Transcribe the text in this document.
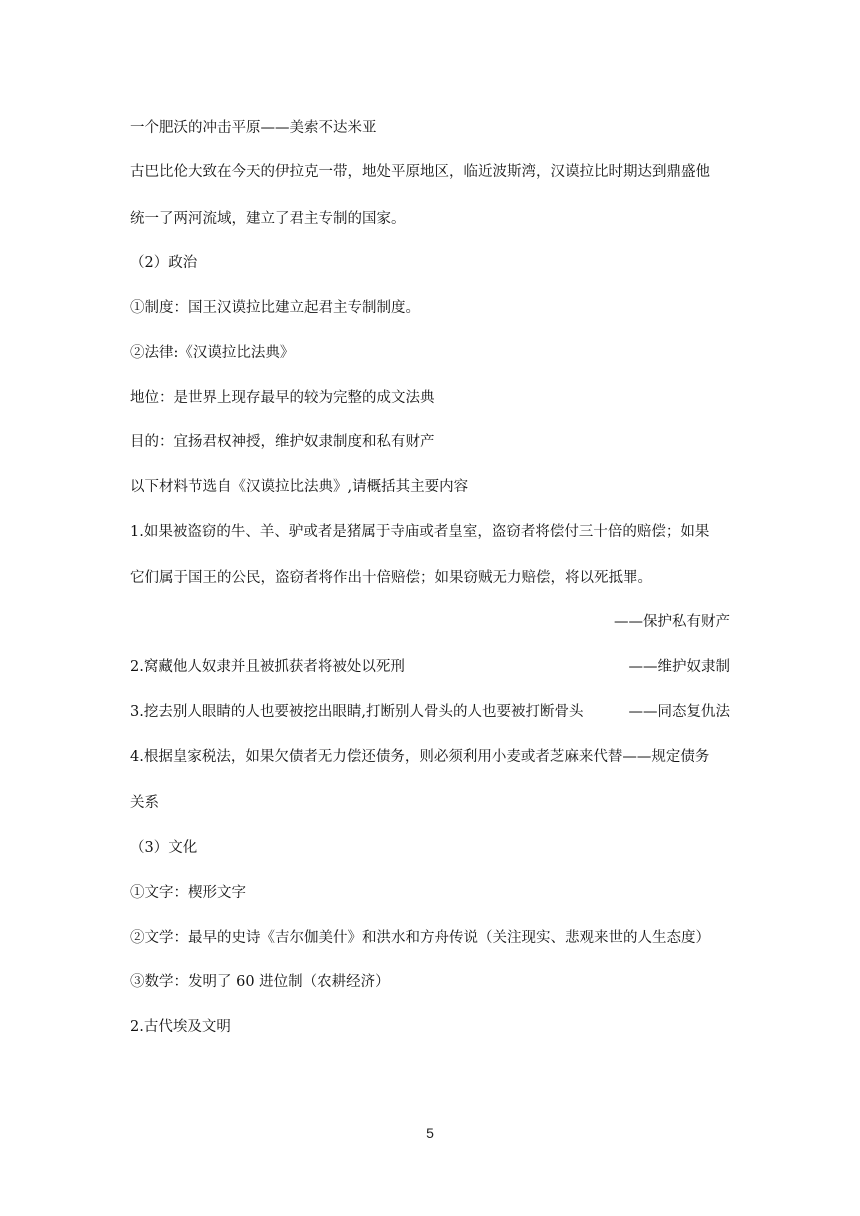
一个肥沃的冲击平原——美索不达米亚
古巴比伦大致在今天的伊拉克一带，地处平原地区，临近波斯湾，汉谟拉比时期达到鼎盛他
统一了两河流域，建立了君主专制的国家。
（2）政治
①制度：国王汉谟拉比建立起君主专制制度。
②法律:《汉谟拉比法典》
地位：是世界上现存最早的较为完整的成文法典
目的：宜扬君权神授，维护奴隶制度和私有财产
以下材料节选自《汉谟拉比法典》,请概括其主要内容
1.如果被盗窃的牛、羊、驴或者是猪属于寺庙或者皇室，盗窃者将偿付三十倍的赔偿；如果
它们属于国王的公民，盗窃者将作出十倍赔偿；如果窃贼无力赔偿，将以死抵罪。
——保护私有财产
2.窝藏他人奴隶并且被抓获者将被处以死刑	——维护奴隶制
3.挖去别人眼睛的人也要被挖出眼睛,打断别人骨头的人也要被打断骨头	——同态复仇法
4.根据皇家税法，如果欠债者无力偿还债务，则必须利用小麦或者芝麻来代替——规定债务
关系
（3）文化
①文字：楔形文字
②文学：最早的史诗《吉尔伽美什》和洪水和方舟传说（关注现实、悲观来世的人生态度）
③数学：发明了 60 进位制（农耕经济）
2.古代埃及文明
5
